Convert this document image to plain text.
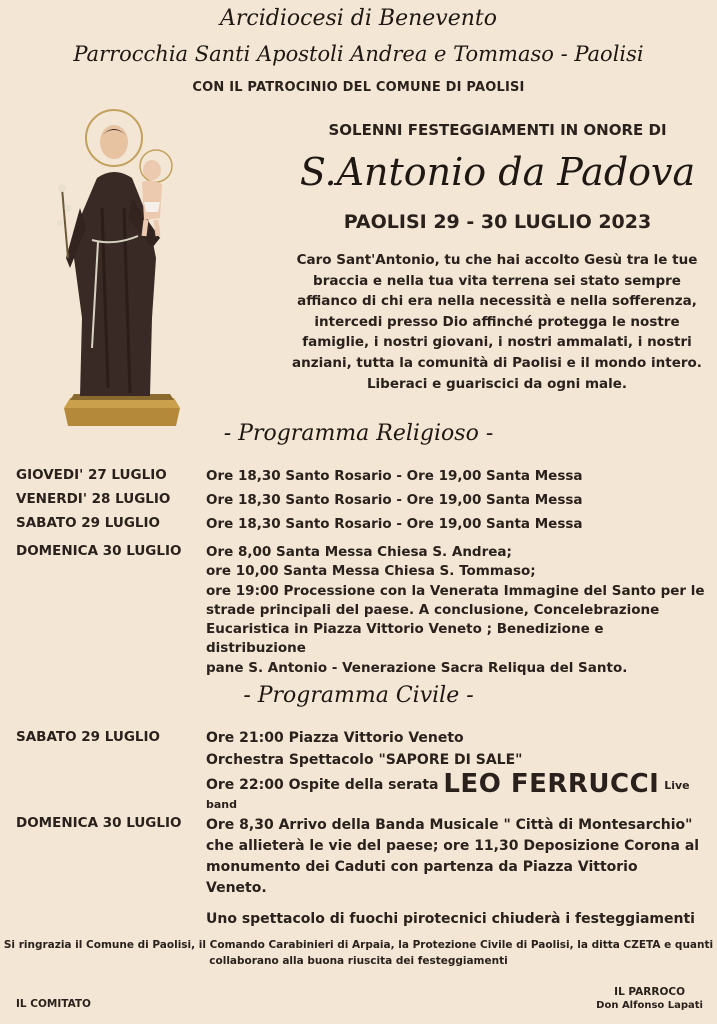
Arcidiocesi di Benevento
Parrocchia Santi Apostoli Andrea e Tommaso - Paolisi
CON IL PATROCINIO DEL COMUNE DI PAOLISI
SOLENNI FESTEGGIAMENTI IN ONORE DI
S.Antonio da Padova
PAOLISI 29 - 30 LUGLIO 2023
Caro Sant'Antonio, tu che hai accolto Gesù tra le tue
braccia e nella tua vita terrena sei stato sempre
affianco di chi era nella necessità e nella sofferenza,
intercedi presso Dio affinché protegga le nostre
famiglie, i nostri giovani, i nostri ammalati, i nostri
anziani, tutta la comunità di Paolisi e il mondo intero.
Liberaci e guariscici da ogni male.
- Programma Religioso -
GIOVEDI' 27 LUGLIO	Ore 18,30 Santo Rosario - Ore 19,00 Santa Messa
VENERDI' 28 LUGLIO	Ore 18,30 Santo Rosario - Ore 19,00 Santa Messa
SABATO 29 LUGLIO	Ore 18,30 Santo Rosario - Ore 19,00 Santa Messa
DOMENICA 30 LUGLIO Ore 8,00 Santa Messa Chiesa S. Andrea;
ore 10,00 Santa Messa Chiesa S. Tommaso;
ore 19:00 Processione con la Venerata Immagine del Santo per le
strade principali del paese. A conclusione, Concelebrazione
Eucaristica in Piazza Vittorio Veneto ; Benedizione e distribuzione
pane S. Antonio - Venerazione Sacra Reliqua del Santo.
- Programma Civile -
SABATO 29 LUGLIO	Ore 21:00 Piazza Vittorio Veneto
Orchestra Spettacolo "SAPORE DI SALE"
Ore 22:00 Ospite della serata LEO FERRUCCI Live band
DOMENICA 30 LUGLIO Ore 8,30 Arrivo della Banda Musicale " Città di Montesarchio"
che allieterà le vie del paese; ore 11,30 Deposizione Corona al
monumento dei Caduti con partenza da Piazza Vittorio
Veneto.
Uno spettacolo di fuochi pirotecnici chiuderà i festeggiamenti
Si ringrazia il Comune di Paolisi, il Comando Carabinieri di Arpaia, la Protezione Civile di Paolisi, la ditta CZETA e quanti
collaborano alla buona riuscita dei festeggiamenti
IL COMITATO
IL PARROCO
Don Alfonso Lapati
